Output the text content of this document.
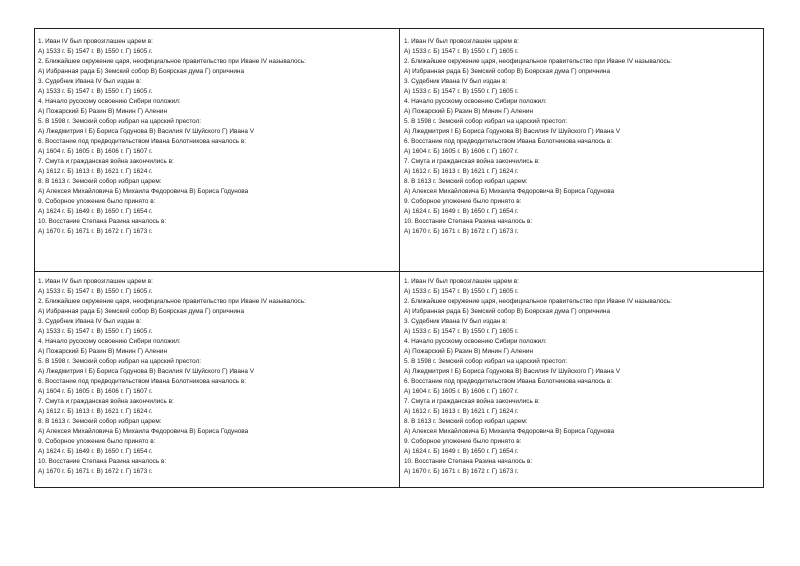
1. Иван IV был провозглашен царем в:
А) 1533 г. Б) 1547 г. В) 1550 г. Г) 1605 г.
2. Ближайшее окружение царя, неофициальное правительство при Иване IV называлось:
А) Избранная рада Б) Земский собор В) Боярская дума Г) опричнина
3. Судебник Ивана IV был издан в:
А) 1533 г. Б) 1547 г. В) 1550 г. Г) 1605 г.
4. Начало русскому освоению Сибири положил:
А) Пожарский Б) Разин В) Минин Г) Аленин
5. В 1598 г. Земский собор избрал на царский престол:
А) Лжедмитрия I Б) Бориса Годунова В) Василия IV Шуйского Г) Ивана V
6. Восстание под предводительством Ивана Болотникова началось в:
А) 1604 г. Б) 1605 г. В) 1606 г. Г) 1607 г.
7. Смута и гражданская война закончились в:
А) 1612 г. Б) 1613 г. В) 1621 г. Г) 1624 г.
8. В 1613 г. Земский собор избрал царем:
А) Алексея Михайловича Б) Михаила Федоровича В) Бориса Годунова
9. Соборное уложение было принято в:
А) 1624 г. Б) 1649 г. В) 1650 г. Г) 1654 г.
10. Восстание Степана Разина началось в:
А) 1670 г. Б) 1671 г. В) 1672 г. Г) 1673 г.
1. Иван IV был провозглашен царем в:
А) 1533 г. Б) 1547 г. В) 1550 г. Г) 1605 г.
2. Ближайшее окружение царя, неофициальное правительство при Иване IV называлось:
А) Избранная рада Б) Земский собор В) Боярская дума Г) опричнина
3. Судебник Ивана IV был издан в:
А) 1533 г. Б) 1547 г. В) 1550 г. Г) 1605 г.
4. Начало русскому освоению Сибири положил:
А) Пожарский Б) Разин В) Минин Г) Аленин
5. В 1598 г. Земский собор избрал на царский престол:
А) Лжедмитрия I Б) Бориса Годунова В) Василия IV Шуйского Г) Ивана V
6. Восстание под предводительством Ивана Болотникова началось в:
А) 1604 г. Б) 1605 г. В) 1606 г. Г) 1607 г.
7. Смута и гражданская война закончились в:
А) 1612 г. Б) 1613 г. В) 1621 г. Г) 1624 г.
8. В 1613 г. Земский собор избрал царем:
А) Алексея Михайловича Б) Михаила Федоровича В) Бориса Годунова
9. Соборное уложение было принято в:
А) 1624 г. Б) 1649 г. В) 1650 г. Г) 1654 г.
10. Восстание Степана Разина началось в:
А) 1670 г. Б) 1671 г. В) 1672 г. Г) 1673 г.
1. Иван IV был провозглашен царем в:
А) 1533 г. Б) 1547 г. В) 1550 г. Г) 1605 г.
2. Ближайшее окружение царя, неофициальное правительство при Иване IV называлось:
А) Избранная рада Б) Земский собор В) Боярская дума Г) опричнина
3. Судебник Ивана IV был издан в:
А) 1533 г. Б) 1547 г. В) 1550 г. Г) 1605 г.
4. Начало русскому освоению Сибири положил:
А) Пожарский Б) Разин В) Минин Г) Аленин
5. В 1598 г. Земский собор избрал на царский престол:
А) Лжедмитрия I Б) Бориса Годунова В) Василия IV Шуйского Г) Ивана V
6. Восстание под предводительством Ивана Болотникова началось в:
А) 1604 г. Б) 1605 г. В) 1606 г. Г) 1607 г.
7. Смута и гражданская война закончились в:
А) 1612 г. Б) 1613 г. В) 1621 г. Г) 1624 г.
8. В 1613 г. Земский собор избрал царем:
А) Алексея Михайловича Б) Михаила Федоровича В) Бориса Годунова
9. Соборное уложение было принято в:
А) 1624 г. Б) 1649 г. В) 1650 г. Г) 1654 г.
10. Восстание Степана Разина началось в:
А) 1670 г. Б) 1671 г. В) 1672 г. Г) 1673 г.
1. Иван IV был провозглашен царем в:
А) 1533 г. Б) 1547 г. В) 1550 г. Г) 1605 г.
2. Ближайшее окружение царя, неофициальное правительство при Иване IV называлось:
А) Избранная рада Б) Земский собор В) Боярская дума Г) опричнина
3. Судебник Ивана IV был издан в:
А) 1533 г. Б) 1547 г. В) 1550 г. Г) 1605 г.
4. Начало русскому освоению Сибири положил:
А) Пожарский Б) Разин В) Минин Г) Аленин
5. В 1598 г. Земский собор избрал на царский престол:
А) Лжедмитрия I Б) Бориса Годунова В) Василия IV Шуйского Г) Ивана V
6. Восстание под предводительством Ивана Болотникова началось в:
А) 1604 г. Б) 1605 г. В) 1606 г. Г) 1607 г.
7. Смута и гражданская война закончились в:
А) 1612 г. Б) 1613 г. В) 1621 г. Г) 1624 г.
8. В 1613 г. Земский собор избрал царем:
А) Алексея Михайловича Б) Михаила Федоровича В) Бориса Годунова
9. Соборное уложение было принято в:
А) 1624 г. Б) 1649 г. В) 1650 г. Г) 1654 г.
10. Восстание Степана Разина началось в:
А) 1670 г. Б) 1671 г. В) 1672 г. Г) 1673 г.
